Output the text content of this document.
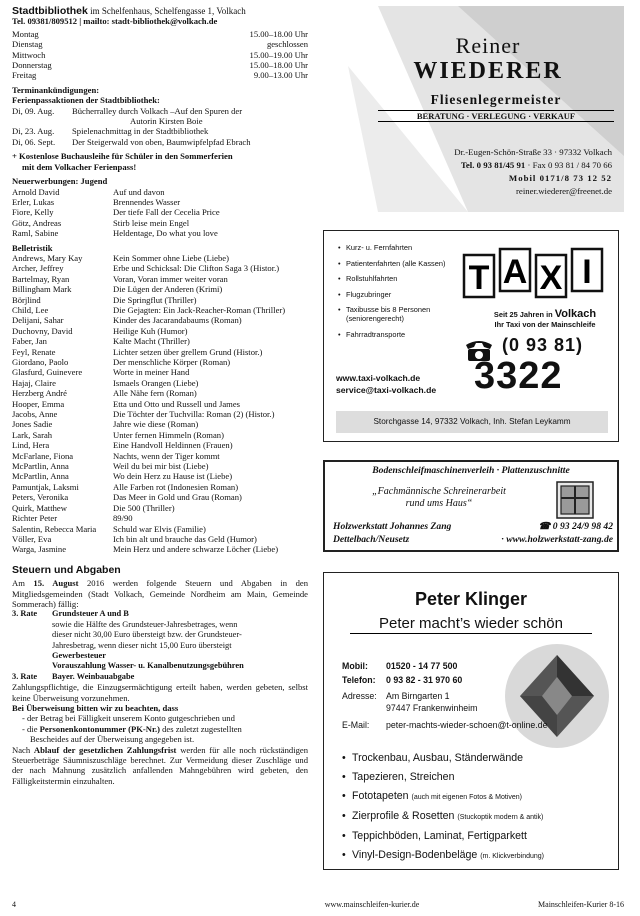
Stadtbibliothek im Schelfenhaus, Schelfengasse 1, Volkach
Tel. 09381/809512 | mailto: stadt-bibliothek@volkach.de
Montag	15.00–18.00 Uhr
Dienstag	geschlossen
Mittwoch	15.00–19.00 Uhr
Donnerstag	15.00–18.00 Uhr
Freitag	9.00–13.00 Uhr
Terminankündigungen:
Ferienpassaktionen der Stadtbibliothek:
Di, 09. Aug.	Bücherralley durch Volkach –Auf den Spuren der
Autorin Kirsten Boie
Di, 23. Aug.	Spielenachmittag in der Stadtbibliothek
Di, 06. Sept.	Der Steigerwald von oben, Baumwipfelpfad Ebrach
+ Kostenlose Buchausleihe für Schüler in den Sommerferien
mit dem Volkacher Ferienpass!
Neuerwerbungen: Jugend
Arnold David	Auf und davon
Erler, Lukas	Brennendes Wasser
Fiore, Kelly	Der tiefe Fall der Cecelia Price
Götz, Andreas	Stirb leise mein Engel
Raml, Sabine	Heldentage, Do what you love
Belletristik
Andrews, Mary Kay	Kein Sommer ohne Liebe (Liebe)
Archer, Jeffrey	Erbe und Schicksal: Die Clifton Saga 3 (Histor.)
Bartelmay, Ryan	Voran, Voran immer weiter voran
Billingham Mark	Die Lügen der Anderen (Krimi)
Börjlind	Die Springflut (Thriller)
Child, Lee	Die Gejagten: Ein Jack-Reacher-Roman (Thriller)
Delijani, Sahar	Kinder des Jacarandabaums (Roman)
Duchovny, David	Heilige Kuh (Humor)
Faber, Jan	Kalte Macht (Thriller)
Feyl, Renate	Lichter setzen über grellem Grund (Histor.)
Giordano, Paolo	Der menschliche Körper (Roman)
Glasfurd, Guinevere	Worte in meiner Hand
Hajaj, Claire	Ismaels Orangen (Liebe)
Herzberg André	Alle Nähe fern (Roman)
Hooper, Emma	Etta und Otto und Russell und James
Jacobs, Anne	Die Töchter der Tuchvilla: Roman (2) (Histor.)
Jones Sadie	Jahre wie diese (Roman)
Lark, Sarah	Unter fernen Himmeln (Roman)
Lind, Hera	Eine Handvoll Heldinnen (Frauen)
McFarlane, Fiona	Nachts, wenn der Tiger kommt
McPartlin, Anna	Weil du bei mir bist (Liebe)
McPartlin, Anna	Wo dein Herz zu Hause ist (Liebe)
Pamuntjak, Laksmi	Alle Farben rot (Indonesien Roman)
Peters, Veronika	Das Meer in Gold und Grau (Roman)
Quirk, Matthew	Die 500 (Thriller)
Richter Peter	89/90
Salentin, Rebecca Maria	Schuld war Elvis (Familie)
Völler, Eva	Ich bin alt und brauche das Geld (Humor)
Warga, Jasmine	Mein Herz und andere schwarze Löcher (Liebe)
Steuern und Abgaben
Am 15. August 2016 werden folgende Steuern und Abgaben in den Mitgliedsgemeinden (Stadt Volkach, Gemeinde Nordheim am Main, Gemeinde Sommerach) fällig:
3. Rate	Grundsteuer A und B
sowie die Hälfte des Grundsteuer-Jahresbetrages, wenn
dieser nicht 30,00 Euro übersteigt bzw. der Grundsteuer-
Jahresbetrag, wenn dieser nicht 15,00 Euro übersteigt
Gewerbesteuer
Vorauszahlung Wasser- u. Kanalbenutzungsgebühren
3. Rate	Bayer. Weinbauabgabe
Zahlungspflichtige, die Einzugsermächtigung erteilt haben, werden gebeten, selbst keine Überweisung vorzunehmen.
Bei Überweisung bitten wir zu beachten, dass
- der Betrag bei Fälligkeit unserem Konto gutgeschrieben und
- die Personenkontonummer (PK-Nr.) des zuletzt zugestellten
Bescheides auf der Überweisung angegeben ist.
Nach Ablauf der gesetzlichen Zahlungsfrist werden für alle noch rückständigen Steuerbeträge Säumniszuschläge berechnet. Zur Vermeidung dieser Zuschläge und der nach Mahnung zusätzlich anfallenden Mahngebühren wird gebeten, den Fälligkeitstermin einzuhalten.
Reiner
WIEDERER
Fliesenlegermeister
BERATUNG · VERLEGUNG · VERKAUF
Dr.-Eugen-Schön-Straße 33 · 97332 Volkach
Tel. 0 93 81/45 91 · Fax 0 93 81 / 84 70 66
Mobil 0171/8 73 12 52
reiner.wiederer@freenet.de
• Kurz- u. Fernfahrten
• Patientenfahrten (alle Kassen)
• Rollstuhlfahrten
• Flugzubringer
• Taxibusse bis 8 Personen (seniorengerecht)
• Fahrradtransporte
T A X I
Seit 25 Jahren in Volkach
Ihr Taxi von der Mainschleife
(0 93 81)
www.taxi-volkach.de
service@taxi-volkach.de 3322
Storchgasse 14, 97332 Volkach, Inh. Stefan Leykamm
Bodenschleifmaschinenverleih · Plattenzuschnitte
„Fachmännische Schreinerarbeit
rund ums Haus“
Holzwerkstatt Johannes Zang	☎ 0 93 24/9 98 42
Dettelbach/Neusetz	· www.holzwerkstatt-zang.de
Peter Klinger
Peter macht’s wieder schön
Mobil:	01520 - 14 77 500
Telefon:	0 93 82 - 31 970 60
Adresse:	Am Birngarten 1
97447 Frankenwinheim
E-Mail:	peter-machts-wieder-schoen@t-online.de
• Trockenbau, Ausbau, Ständerwände
• Tapezieren, Streichen
• Fototapeten (auch mit eigenen Fotos & Motiven)
• Zierprofile & Rosetten (Stuckoptik modern & antik)
• Teppichböden, Laminat, Fertigparkett
• Vinyl-Design-Bodenbeläge (m. Klickverbindung)
4	www.mainschleifen-kurier.de	Mainschleifen-Kurier 8-16
